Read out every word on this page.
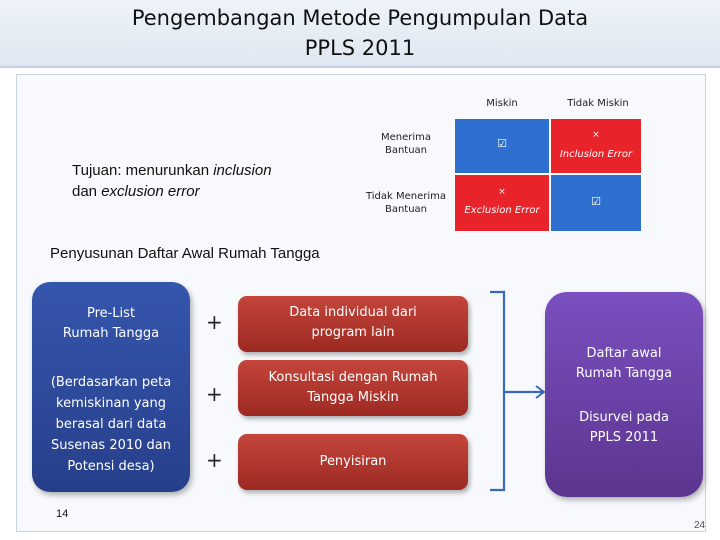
Pengembangan Metode Pengumpulan Data
PPLS 2011
Miskin	Tidak Miskin
Menerima
Bantuan
Tidak Menerima
Bantuan
☑
×
Inclusion Error
×
Exclusion Error
☑
Tujuan: menurunkan inclusion
dan exclusion error
Penyusunan Daftar Awal Rumah Tangga
Pre-List
Rumah Tangga
(Berdasarkan peta
kemiskinan yang
berasal dari data
Susenas 2010 dan
Potensi desa)
+
+
+
Data individual dari
program lain
Konsultasi dengan Rumah
Tangga Miskin
Penyisiran
Daftar awal
Rumah Tangga
Disurvei pada
PPLS 2011
14
24
